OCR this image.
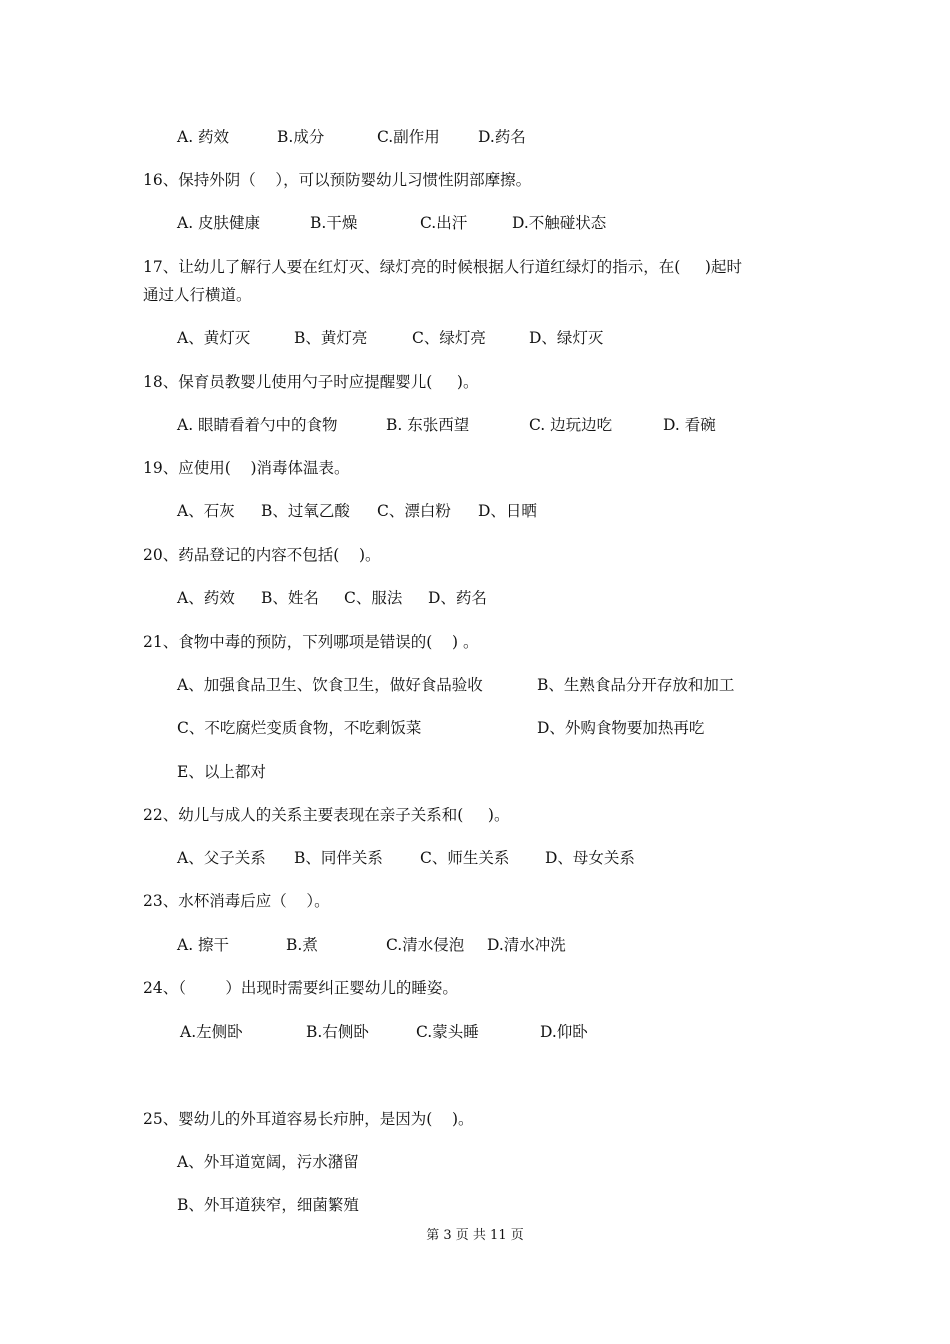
A. 药效	B.成分	C.副作用 D.药名
16、保持外阴（    ），可以预防婴幼儿习惯性阴部摩擦。
A. 皮肤健康	B.干燥	C.出汗	D.不触碰状态
17、让幼儿了解行人要在红灯灭、绿灯亮的时候根据人行道红绿灯的指示，在(     )起时
通过人行横道。
A、黄灯灭	B、黄灯亮	C、绿灯亮	D、绿灯灭
18、保育员教婴儿使用勺子时应提醒婴儿(     )。
A. 眼睛看着勺中的食物	B. 东张西望	C. 边玩边吃	D. 看碗
19、应使用(    )消毒体温表。
A、石灰 B、过氧乙酸 C、漂白粉 D、日晒
20、药品登记的内容不包括(    )。
A、药效 B、姓名 C、服法 D、药名
21、食物中毒的预防，下列哪项是错误的(    ) 。
A、加强食品卫生、饮食卫生，做好食品验收	B、生熟食品分开存放和加工
C、不吃腐烂变质食物，不吃剩饭菜	D、外购食物要加热再吃
E、以上都对
22、幼儿与成人的关系主要表现在亲子关系和(     )。
A、父子关系 B、同伴关系 C、师生关系 D、母女关系
23、水杯消毒后应（    ）。
A. 擦干	B.煮	C.清水侵泡 D.清水冲洗
24、（        ）出现时需要纠正婴幼儿的睡姿。
A.左侧卧	B.右侧卧	C.蒙头睡	D.仰卧
25、婴幼儿的外耳道容易长疖肿，是因为(    )。
A、外耳道宽阔，污水潴留
B、外耳道狭窄，细菌繁殖
第 3 页 共 11 页
